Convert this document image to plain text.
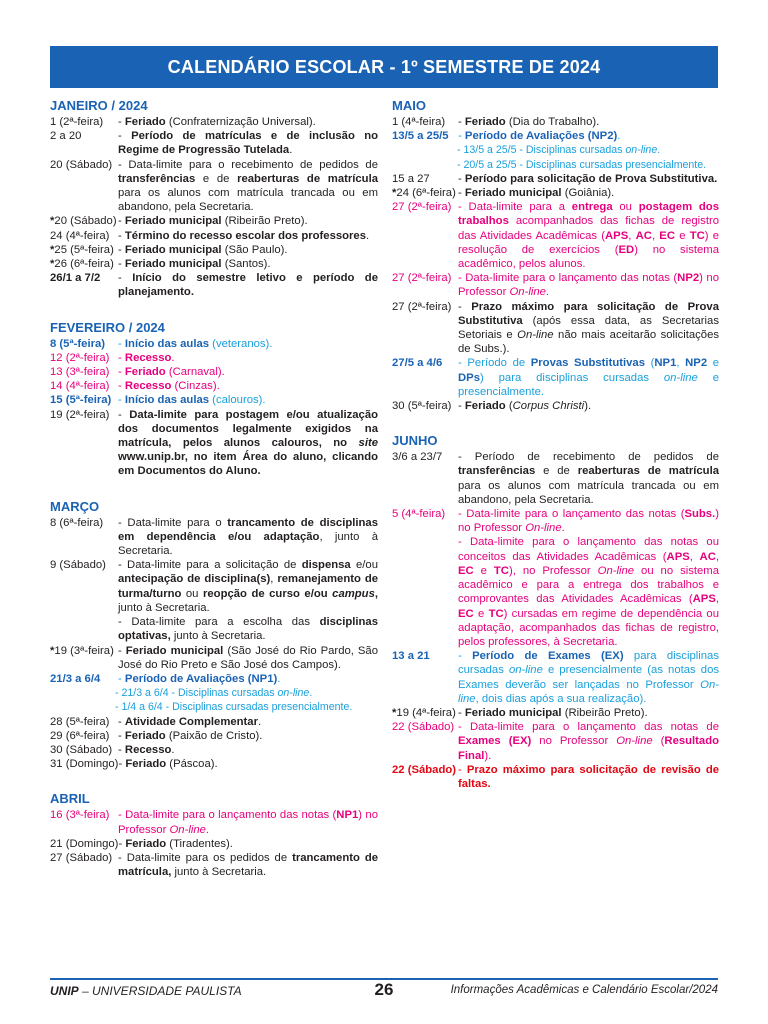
CALENDÁRIO ESCOLAR - 1º SEMESTRE DE 2024
JANEIRO / 2024
1 (2ª-feira)	- Feriado (Confraternização Universal).
2 a 20	- Período de matrículas e de inclusão no Regime de Progressão Tutelada.
20 (Sábado) - Data-limite para o recebimento de pedidos de transferências e de reaberturas de matrícula para os alunos com matrícula trancada ou em abandono, pela Secretaria.
*20 (Sábado) - Feriado municipal (Ribeirão Preto).
24 (4ª-feira) - Término do recesso escolar dos professores.
*25 (5ª-feira) - Feriado municipal (São Paulo).
*26 (6ª-feira) - Feriado municipal (Santos).
26/1 a 7/2	- Início do semestre letivo e período de planejamento.
FEVEREIRO / 2024
8 (5ª-feira)	- Início das aulas (veteranos).
12 (2ª-feira) - Recesso.
13 (3ª-feira) - Feriado (Carnaval).
14 (4ª-feira) - Recesso (Cinzas).
15 (5ª-feira) - Início das aulas (calouros).
19 (2ª-feira) - Data-limite para postagem e/ou atualização dos documentos legalmente exigidos na matrícula, pelos alunos calouros, no site www.unip.br, no item Área do aluno, clicando em Documentos do Aluno.
MARÇO
8 (6ª-feira)	- Data-limite para o trancamento de disciplinas em dependência e/ou adaptação, junto à Secretaria.
9 (Sábado)	- Data-limite para a solicitação de dispensa e/ou antecipação de disciplina(s), remanejamento de turma/turno ou reopção de curso e/ou campus, junto à Secretaria.
- Data-limite para a escolha das disciplinas optativas, junto à Secretaria.
*19 (3ª-feira) - Feriado municipal (São José do Rio Pardo, São José do Rio Preto e São José dos Campos).
21/3 a 6/4	- Período de Avaliações (NP1).
- 21/3 a 6/4 - Disciplinas cursadas on-line.
- 1/4 a 6/4 - Disciplinas cursadas presencialmente.
28 (5ª-feira) - Atividade Complementar.
29 (6ª-feira) - Feriado (Paixão de Cristo).
30 (Sábado) - Recesso.
31 (Domingo) - Feriado (Páscoa).
ABRIL
16 (3ª-feira) - Data-limite para o lançamento das notas (NP1) no Professor On-line.
21 (Domingo) - Feriado (Tiradentes).
27 (Sábado) - Data-limite para os pedidos de trancamento de matrícula, junto à Secretaria.
MAIO
1 (4ª-feira)	- Feriado (Dia do Trabalho).
13/5 a 25/5 - Período de Avaliações (NP2).
- 13/5 a 25/5 - Disciplinas cursadas on-line.
- 20/5 a 25/5 - Disciplinas cursadas presencialmente.
15 a 27	- Período para solicitação de Prova Substitutiva.
*24 (6ª-feira) - Feriado municipal (Goiânia).
27 (2ª-feira) - Data-limite para a entrega ou postagem dos trabalhos acompanhados das fichas de registro das Atividades Acadêmicas (APS, AC, EC e TC) e resolução de exercícios (ED) no sistema acadêmico, pelos alunos.
27 (2ª-feira) - Data-limite para o lançamento das notas (NP2) no Professor On-line.
27 (2ª-feira) - Prazo máximo para solicitação de Prova Substitutiva (após essa data, as Secretarias Setoriais e On-line não mais aceitarão solicitações de Subs.).
27/5 a 4/6	- Período de Provas Substitutivas (NP1, NP2 e DPs) para disciplinas cursadas on-line e presencialmente.
30 (5ª-feira) - Feriado (Corpus Christi).
JUNHO
3/6 a 23/7	- Período de recebimento de pedidos de transferências e de reaberturas de matrícula para os alunos com matrícula trancada ou em abandono, pela Secretaria.
5 (4ª-feira)	- Data-limite para o lançamento das notas (Subs.) no Professor On-line.
- Data-limite para o lançamento das notas ou conceitos das Atividades Acadêmicas (APS, AC, EC e TC), no Professor On-line ou no sistema acadêmico e para a entrega dos trabalhos e comprovantes das Atividades Acadêmicas (APS, EC e TC) cursadas em regime de dependência ou adaptação, acompanhados das fichas de registro, pelos professores, à Secretaria.
13 a 21	- Período de Exames (EX) para disciplinas cursadas on-line e presencialmente (as notas dos Exames deverão ser lançadas no Professor On-line, dois dias após a sua realização).
*19 (4ª-feira) - Feriado municipal (Ribeirão Preto).
22 (Sábado) - Data-limite para o lançamento das notas de Exames (EX) no Professor On-line (Resultado Final).
22 (Sábado) - Prazo máximo para solicitação de revisão de faltas.
UNIP – UNIVERSIDADE PAULISTA	26	Informações Acadêmicas e Calendário Escolar/2024
